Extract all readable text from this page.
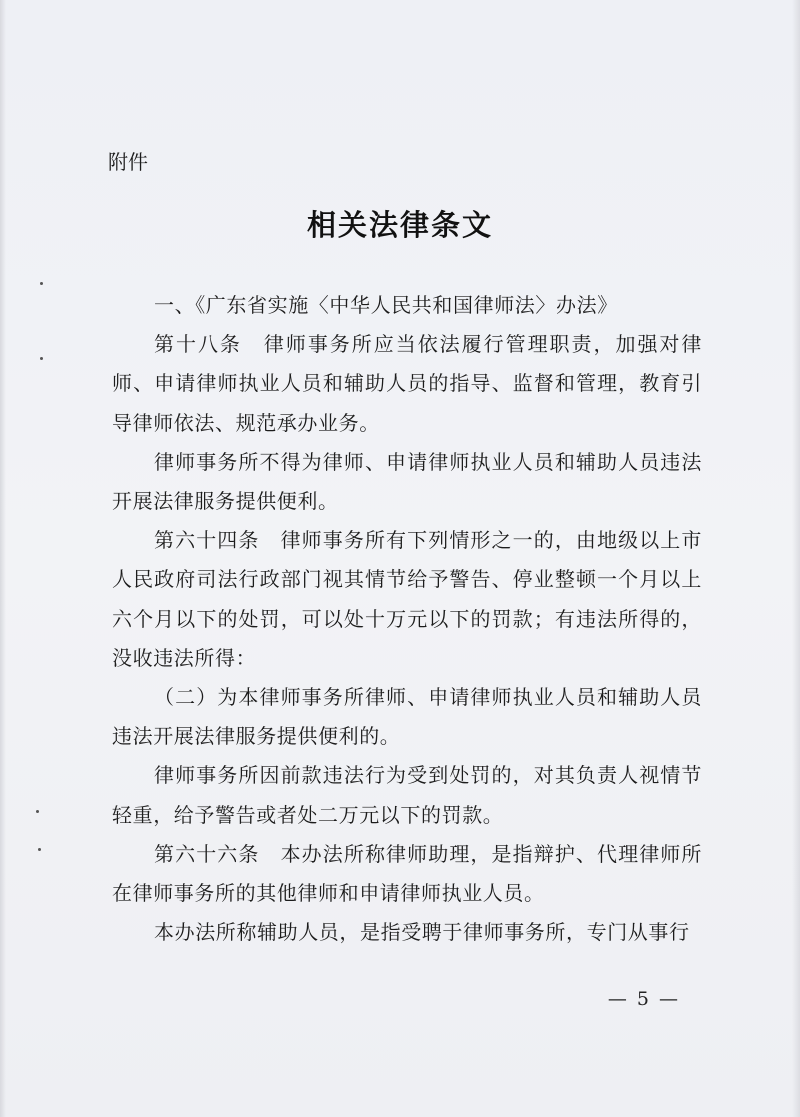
附件

相关法律条文

一、《广东省实施〈中华人民共和国律师法〉办法》

第十八条　律师事务所应当依法履行管理职责，加强对律师、申请律师执业人员和辅助人员的指导、监督和管理，教育引导律师依法、规范承办业务。

律师事务所不得为律师、申请律师执业人员和辅助人员违法开展法律服务提供便利。

第六十四条　律师事务所有下列情形之一的，由地级以上市人民政府司法行政部门视其情节给予警告、停业整顿一个月以上六个月以下的处罚，可以处十万元以下的罚款；有违法所得的，没收违法所得：

（二）为本律师事务所律师、申请律师执业人员和辅助人员违法开展法律服务提供便利的。

律师事务所因前款违法行为受到处罚的，对其负责人视情节轻重，给予警告或者处二万元以下的罚款。

第六十六条　本办法所称律师助理，是指辩护、代理律师所在律师事务所的其他律师和申请律师执业人员。

本办法所称辅助人员，是指受聘于律师事务所，专门从事行

— 5 —
